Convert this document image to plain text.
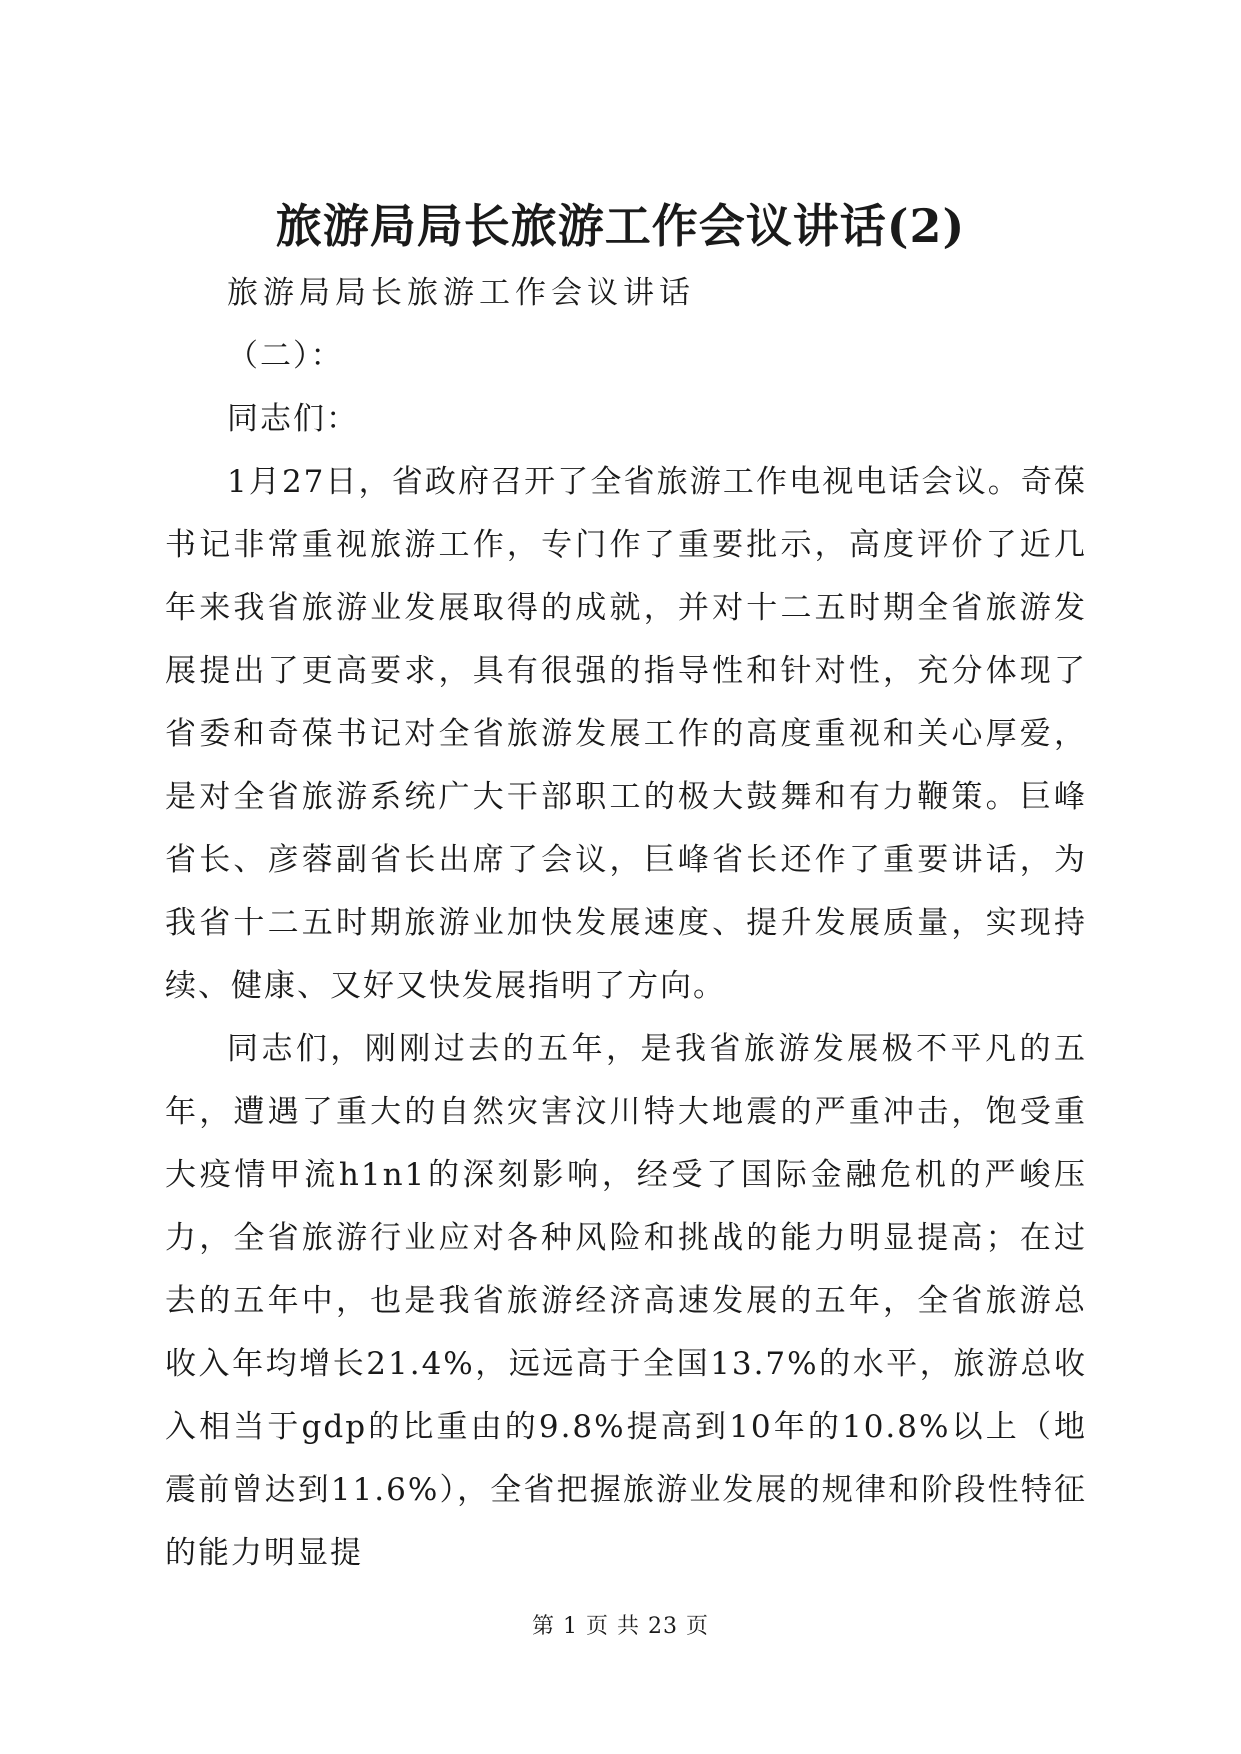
旅游局局长旅游工作会议讲话(2)

旅游局局长旅游工作会议讲话

（二）：

同志们：

1月27日，省政府召开了全省旅游工作电视电话会议。奇葆书记非常重视旅游工作，专门作了重要批示，高度评价了近几年来我省旅游业发展取得的成就，并对十二五时期全省旅游发展提出了更高要求，具有很强的指导性和针对性，充分体现了省委和奇葆书记对全省旅游发展工作的高度重视和关心厚爱，是对全省旅游系统广大干部职工的极大鼓舞和有力鞭策。巨峰省长、彦蓉副省长出席了会议，巨峰省长还作了重要讲话，为我省十二五时期旅游业加快发展速度、提升发展质量，实现持续、健康、又好又快发展指明了方向。

同志们，刚刚过去的五年，是我省旅游发展极不平凡的五年，遭遇了重大的自然灾害汶川特大地震的严重冲击，饱受重大疫情甲流h1n1的深刻影响，经受了国际金融危机的严峻压力，全省旅游行业应对各种风险和挑战的能力明显提高；在过去的五年中，也是我省旅游经济高速发展的五年，全省旅游总收入年均增长21.4%，远远高于全国13.7%的水平，旅游总收入相当于gdp的比重由的9.8%提高到10年的10.8%以上（地震前曾达到11.6%），全省把握旅游业发展的规律和阶段性特征的能力明显提

第 1 页 共 23 页
